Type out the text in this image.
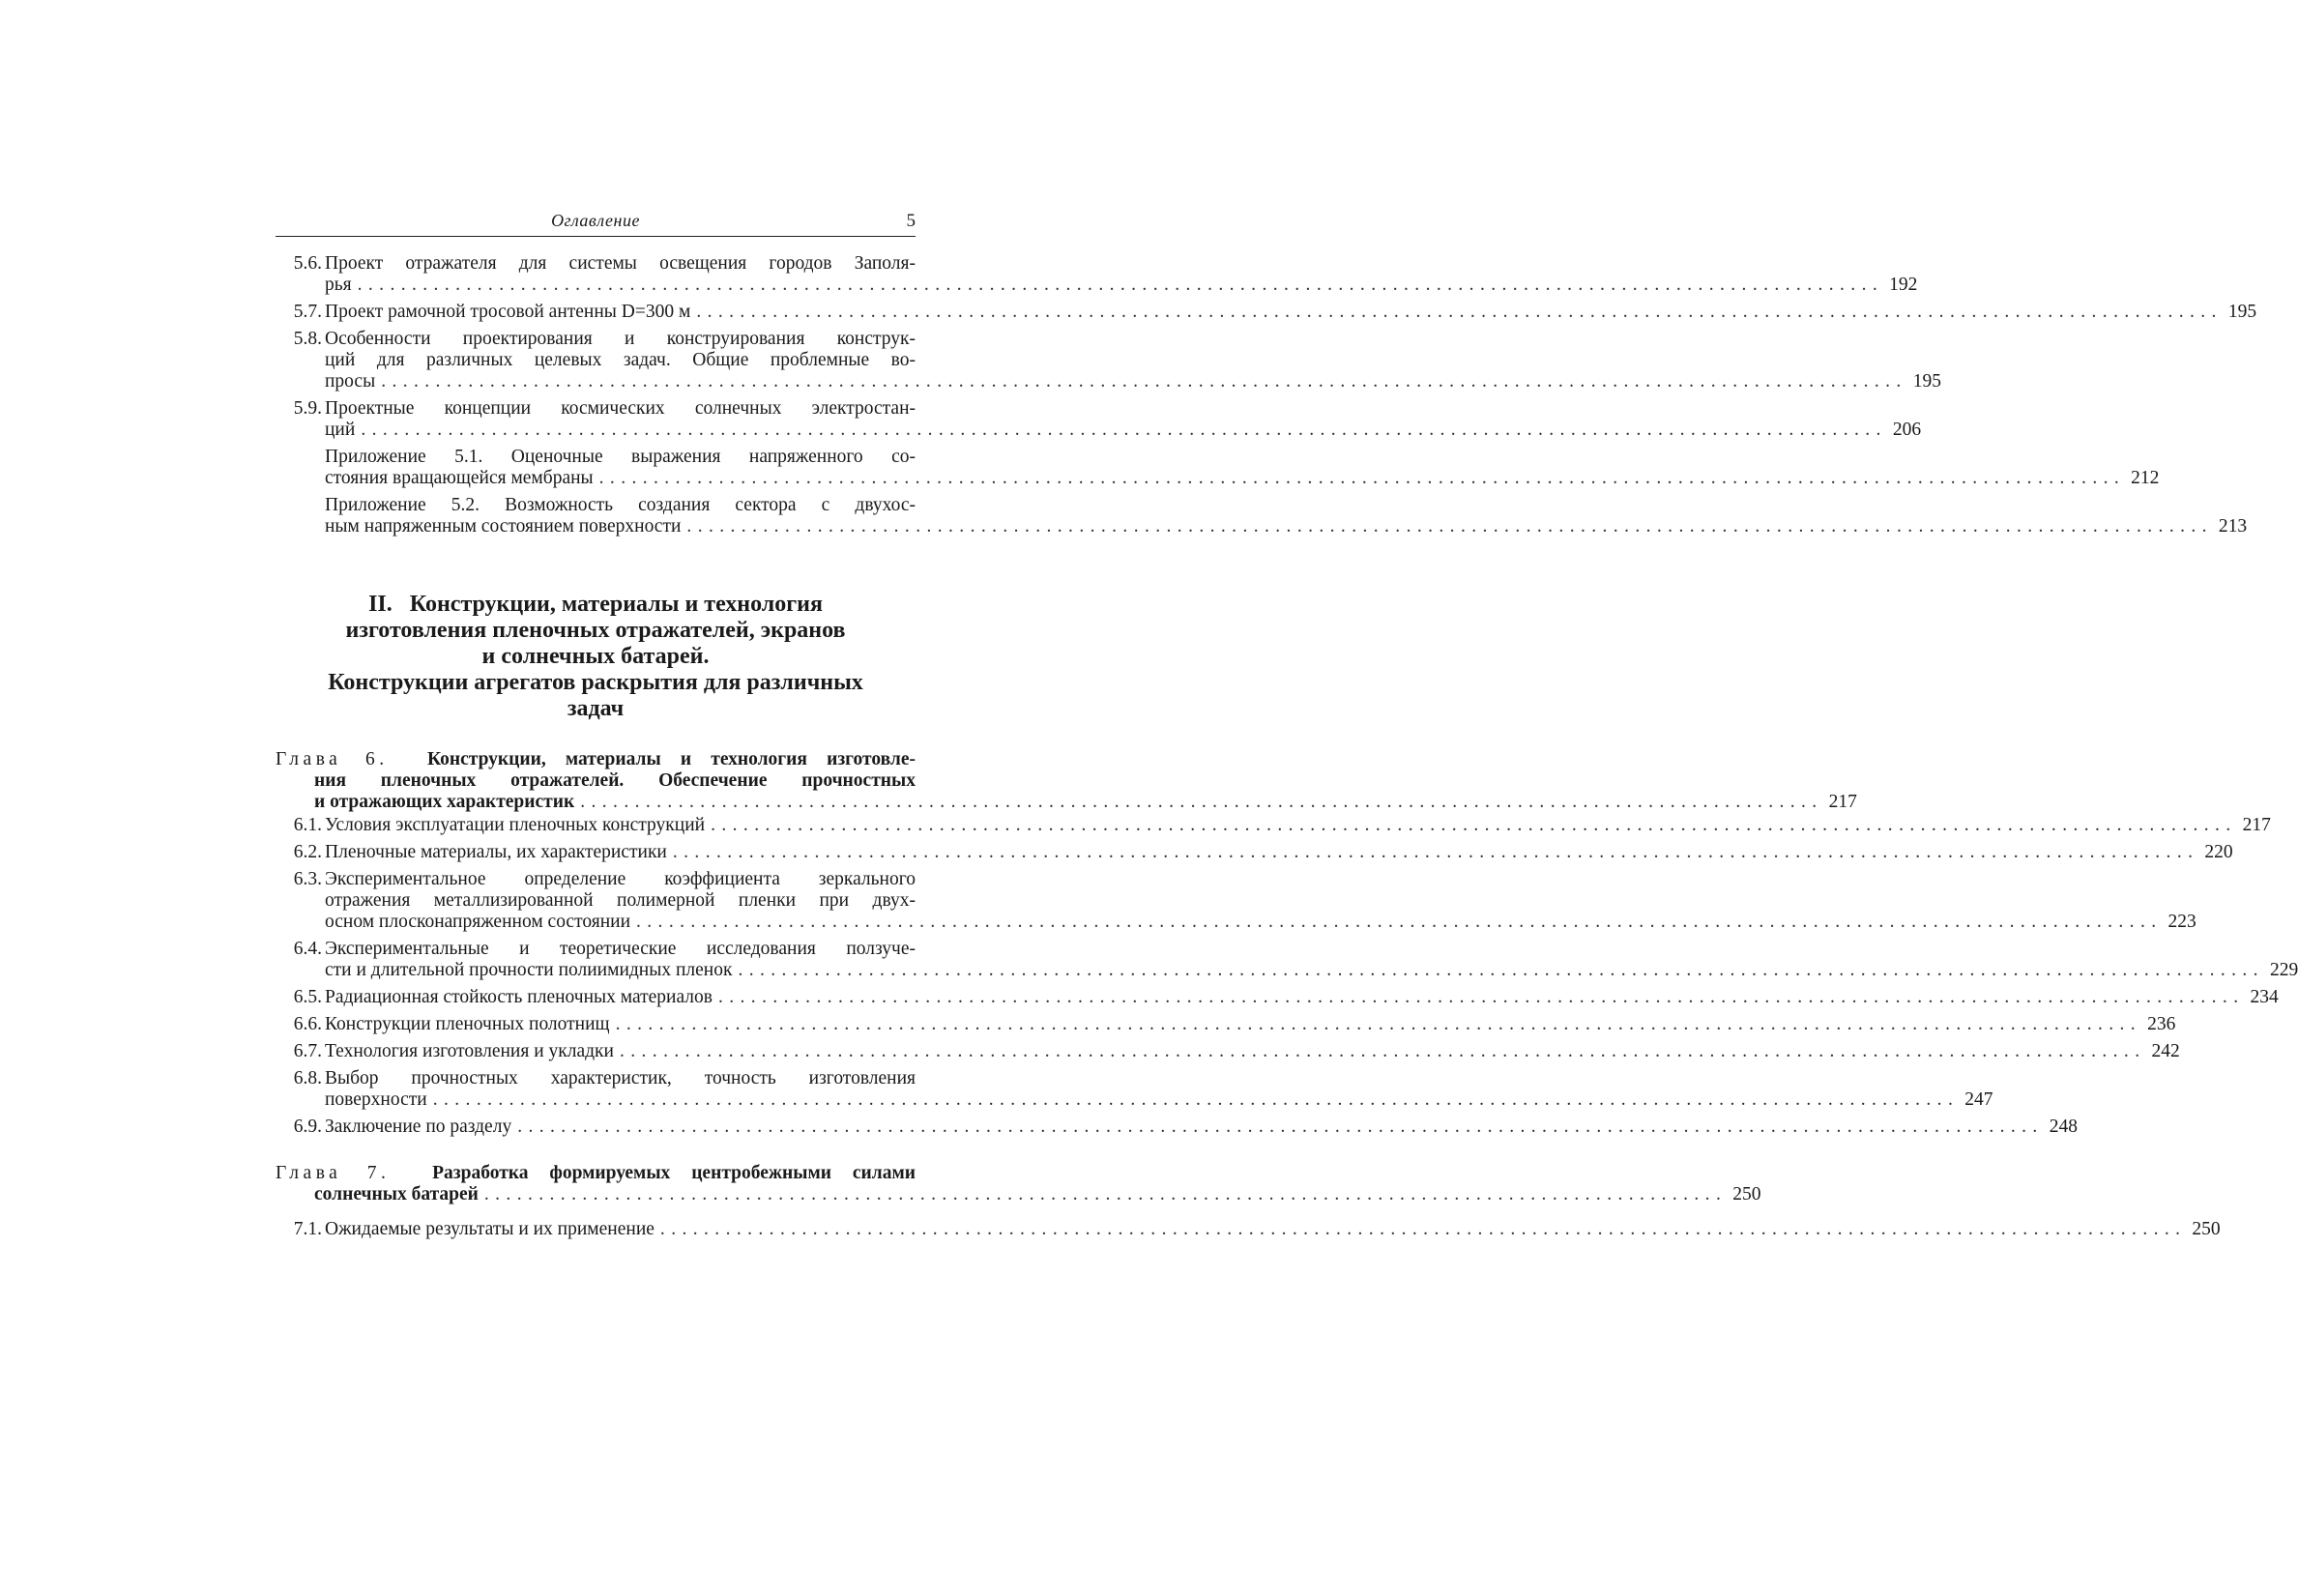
Оглавление	5
5.6. Проект отражателя для системы освещения городов Заполя-
рья ............................................................................................................................................ 192
5.7. Проект рамочной тросовой антенны D=300 м ............................................................................................................................................ 195
5.8. Особенности проектирования и конструирования конструк-
ций для различных целевых задач. Общие проблемные во-
просы ............................................................................................................................................ 195
5.9. Проектные концепции космических солнечных электростан-
ций ............................................................................................................................................ 206
Приложение 5.1. Оценочные выражения напряженного со-
стояния вращающейся мембраны ............................................................................................................................................ 212
Приложение 5.2. Возможность создания сектора с двухос-
ным напряженным состоянием поверхности ............................................................................................................................................ 213
II. Конструкции, материалы и технология
изготовления пленочных отражателей, экранов
и солнечных батарей.
Конструкции агрегатов раскрытия для различных
задач
Глава 6. Конструкции, материалы и технология изготовле-
ния пленочных отражателей. Обеспечение прочностных
и отражающих характеристик .................................................................................................................. 217
6.1. Условия эксплуатации пленочных конструкций ............................................................................................................................................ 217
6.2. Пленочные материалы, их характеристики ............................................................................................................................................ 220
6.3. Экспериментальное определение коэффициента зеркального
отражения металлизированной полимерной пленки при двух-
осном плосконапряженном состоянии ............................................................................................................................................ 223
6.4. Экспериментальные и теоретические исследования ползуче-
сти и длительной прочности полиимидных пленок ............................................................................................................................................ 229
6.5. Радиационная стойкость пленочных материалов ............................................................................................................................................ 234
6.6. Конструкции пленочных полотнищ ............................................................................................................................................ 236
6.7. Технология изготовления и укладки ............................................................................................................................................ 242
6.8. Выбор прочностных характеристик, точность изготовления
поверхности ............................................................................................................................................ 247
6.9. Заключение по разделу ............................................................................................................................................ 248
Глава 7. Разработка формируемых центробежными силами
солнечных батарей .................................................................................................................. 250
7.1. Ожидаемые результаты и их применение ............................................................................................................................................ 250
